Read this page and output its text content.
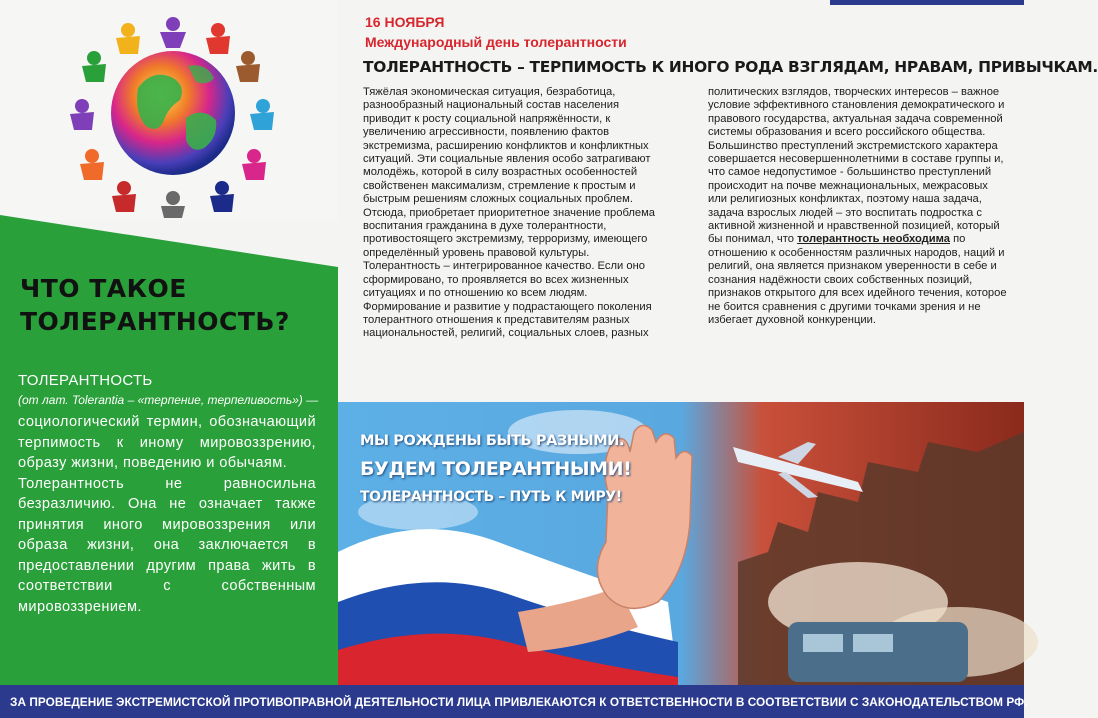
ЧТО ТАКОЕ
ТОЛЕРАНТНОСТЬ?
ТОЛЕРАНТНОСТЬ
(от лат. Tolerantia – «терпение, терпеливость») —

социологический термин, обозначающий терпимость к иному мировоззрению, образу жизни, поведению и обычаям.

Толерантность не равносильна безразличию. Она не означает также принятия иного мировоззрения или образа жизни, она заключается в предоставлении другим права жить в соответствии с собственным мировоззрением.

16 НОЯБРЯ
Международный день толерантности
ТОЛЕРАНТНОСТЬ – ТЕРПИМОСТЬ К ИНОГО РОДА ВЗГЛЯДАМ, НРАВАМ, ПРИВЫЧКАМ.
Тяжёлая экономическая ситуация, безработица, разнообразный национальный состав населения приводит к росту социальной напряжённости, к увеличению агрессивности, появлению фактов экстремизма, расширению конфликтов и конфликтных ситуаций. Эти социальные явления особо затрагивают молодёжь, которой в силу возрастных особенностей свойственен максимализм, стремление к простым и быстрым решениям сложных социальных проблем. Отсюда, приобретает приоритетное значение проблема воспитания гражданина в духе толерантности, противостоящего экстремизму, терроризму, имеющего определённый уровень правовой культуры. Толерантность – интегрированное качество. Если оно сформировано, то проявляется во всех жизненных ситуациях и по отношению ко всем людям.
Формирование и развитие у подрастающего поколения толерантного отношения к представителям разных национальностей, религий, социальных слоев, разных
политических взглядов, творческих интересов – важное условие эффективного становления демократического и правового государства, актуальная задача современной системы образования и всего российского общества. Большинство преступлений экстремистского характера совершается несовершеннолетними в составе группы и, что самое недопустимое - большинство преступлений происходит на почве межнациональных, межрасовых или религиозных конфликтах, поэтому наша задача, задача взрослых людей – это воспитать подростка с активной жизненной и нравственной позицией, который бы понимал, что толерантность необходима по отношению к особенностям различных народов, наций и религий, она является признаком уверенности в себе и сознания надёжности своих собственных позиций, признаков открытого для всех идейного течения, которое не боится сравнения с другими точками зрения и не избегает духовной конкуренции.
МЫ РОЖДЕНЫ БЫТЬ РАЗНЫМИ.
БУДЕМ ТОЛЕРАНТНЫМИ!
ТОЛЕРАНТНОСТЬ – ПУТЬ К МИРУ!
ЗА ПРОВЕДЕНИЕ ЭКСТРЕМИСТСКОЙ ПРОТИВОПРАВНОЙ ДЕЯТЕЛЬНОСТИ ЛИЦА ПРИВЛЕКАЮТСЯ К ОТВЕТСТВЕННОСТИ В СООТВЕТСТВИИ С ЗАКОНОДАТЕЛЬСТВОМ РФ.
